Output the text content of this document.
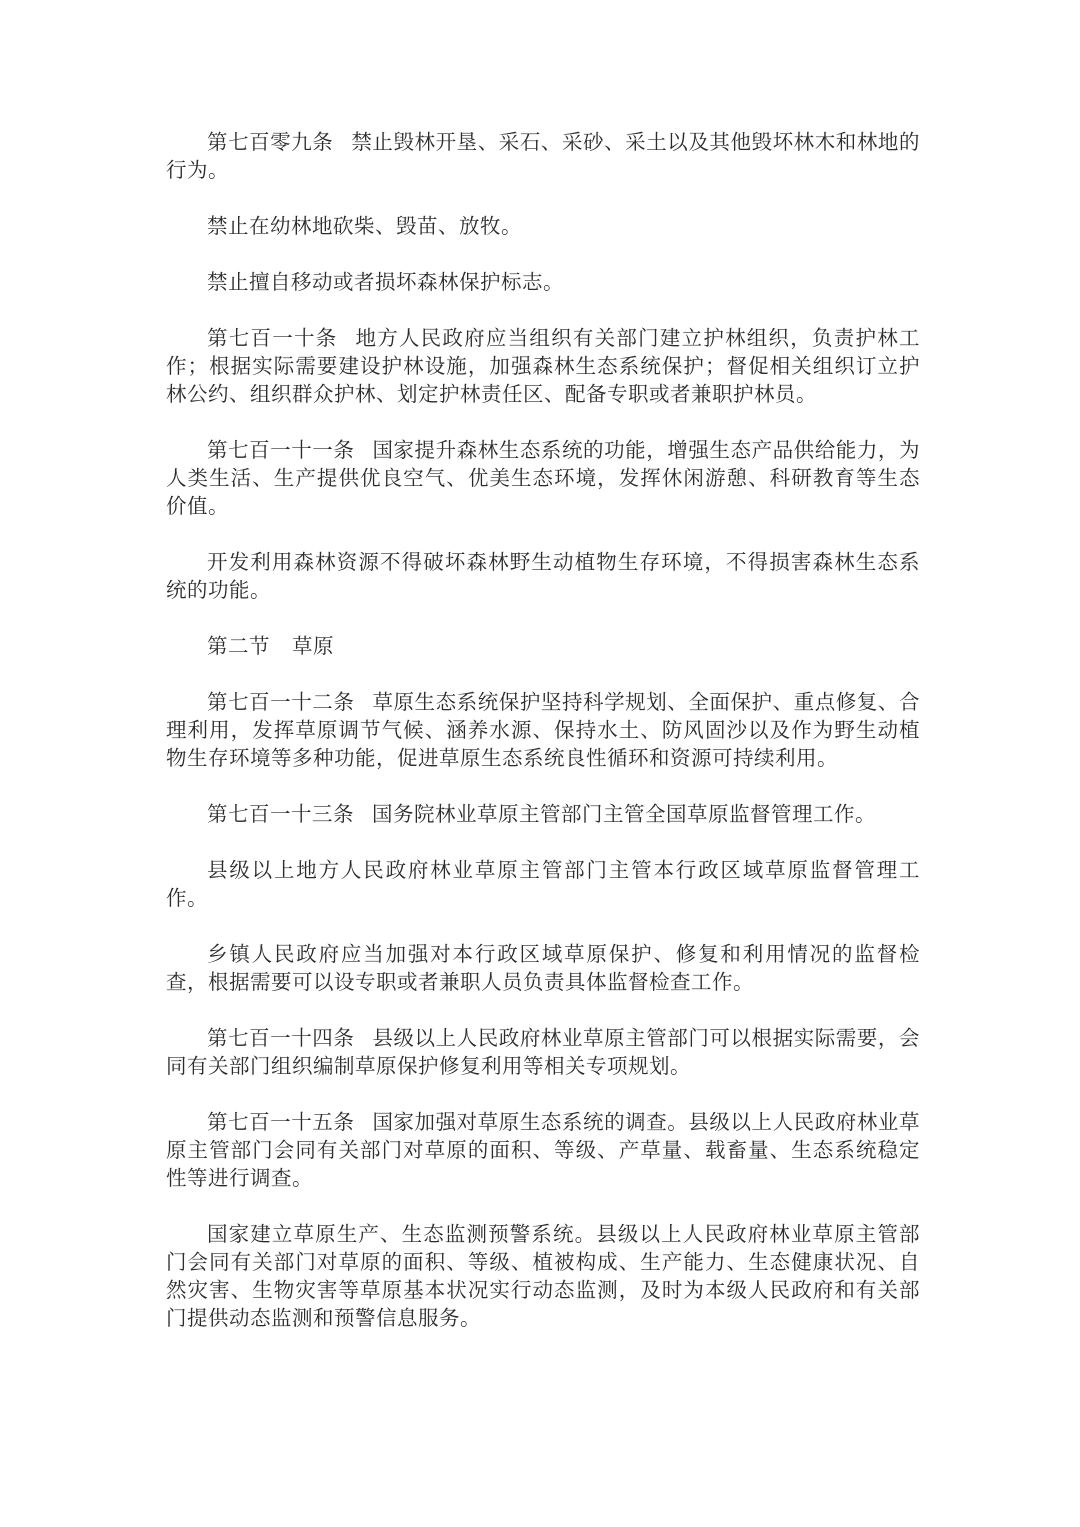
第七百零九条 禁止毁林开垦、采石、采砂、采土以及其他毁坏林木和林地的行为。

禁止在幼林地砍柴、毁苗、放牧。

禁止擅自移动或者损坏森林保护标志。

第七百一十条 地方人民政府应当组织有关部门建立护林组织，负责护林工作；根据实际需要建设护林设施，加强森林生态系统保护；督促相关组织订立护林公约、组织群众护林、划定护林责任区、配备专职或者兼职护林员。

第七百一十一条 国家提升森林生态系统的功能，增强生态产品供给能力，为人类生活、生产提供优良空气、优美生态环境，发挥休闲游憩、科研教育等生态价值。

开发利用森林资源不得破坏森林野生动植物生存环境，不得损害森林生态系统的功能。

第二节 草原

第七百一十二条 草原生态系统保护坚持科学规划、全面保护、重点修复、合理利用，发挥草原调节气候、涵养水源、保持水土、防风固沙以及作为野生动植物生存环境等多种功能，促进草原生态系统良性循环和资源可持续利用。

第七百一十三条 国务院林业草原主管部门主管全国草原监督管理工作。

县级以上地方人民政府林业草原主管部门主管本行政区域草原监督管理工作。

乡镇人民政府应当加强对本行政区域草原保护、修复和利用情况的监督检查，根据需要可以设专职或者兼职人员负责具体监督检查工作。

第七百一十四条 县级以上人民政府林业草原主管部门可以根据实际需要，会同有关部门组织编制草原保护修复利用等相关专项规划。

第七百一十五条 国家加强对草原生态系统的调查。县级以上人民政府林业草原主管部门会同有关部门对草原的面积、等级、产草量、载畜量、生态系统稳定性等进行调查。

国家建立草原生产、生态监测预警系统。县级以上人民政府林业草原主管部门会同有关部门对草原的面积、等级、植被构成、生产能力、生态健康状况、自然灾害、生物灾害等草原基本状况实行动态监测，及时为本级人民政府和有关部门提供动态监测和预警信息服务。
